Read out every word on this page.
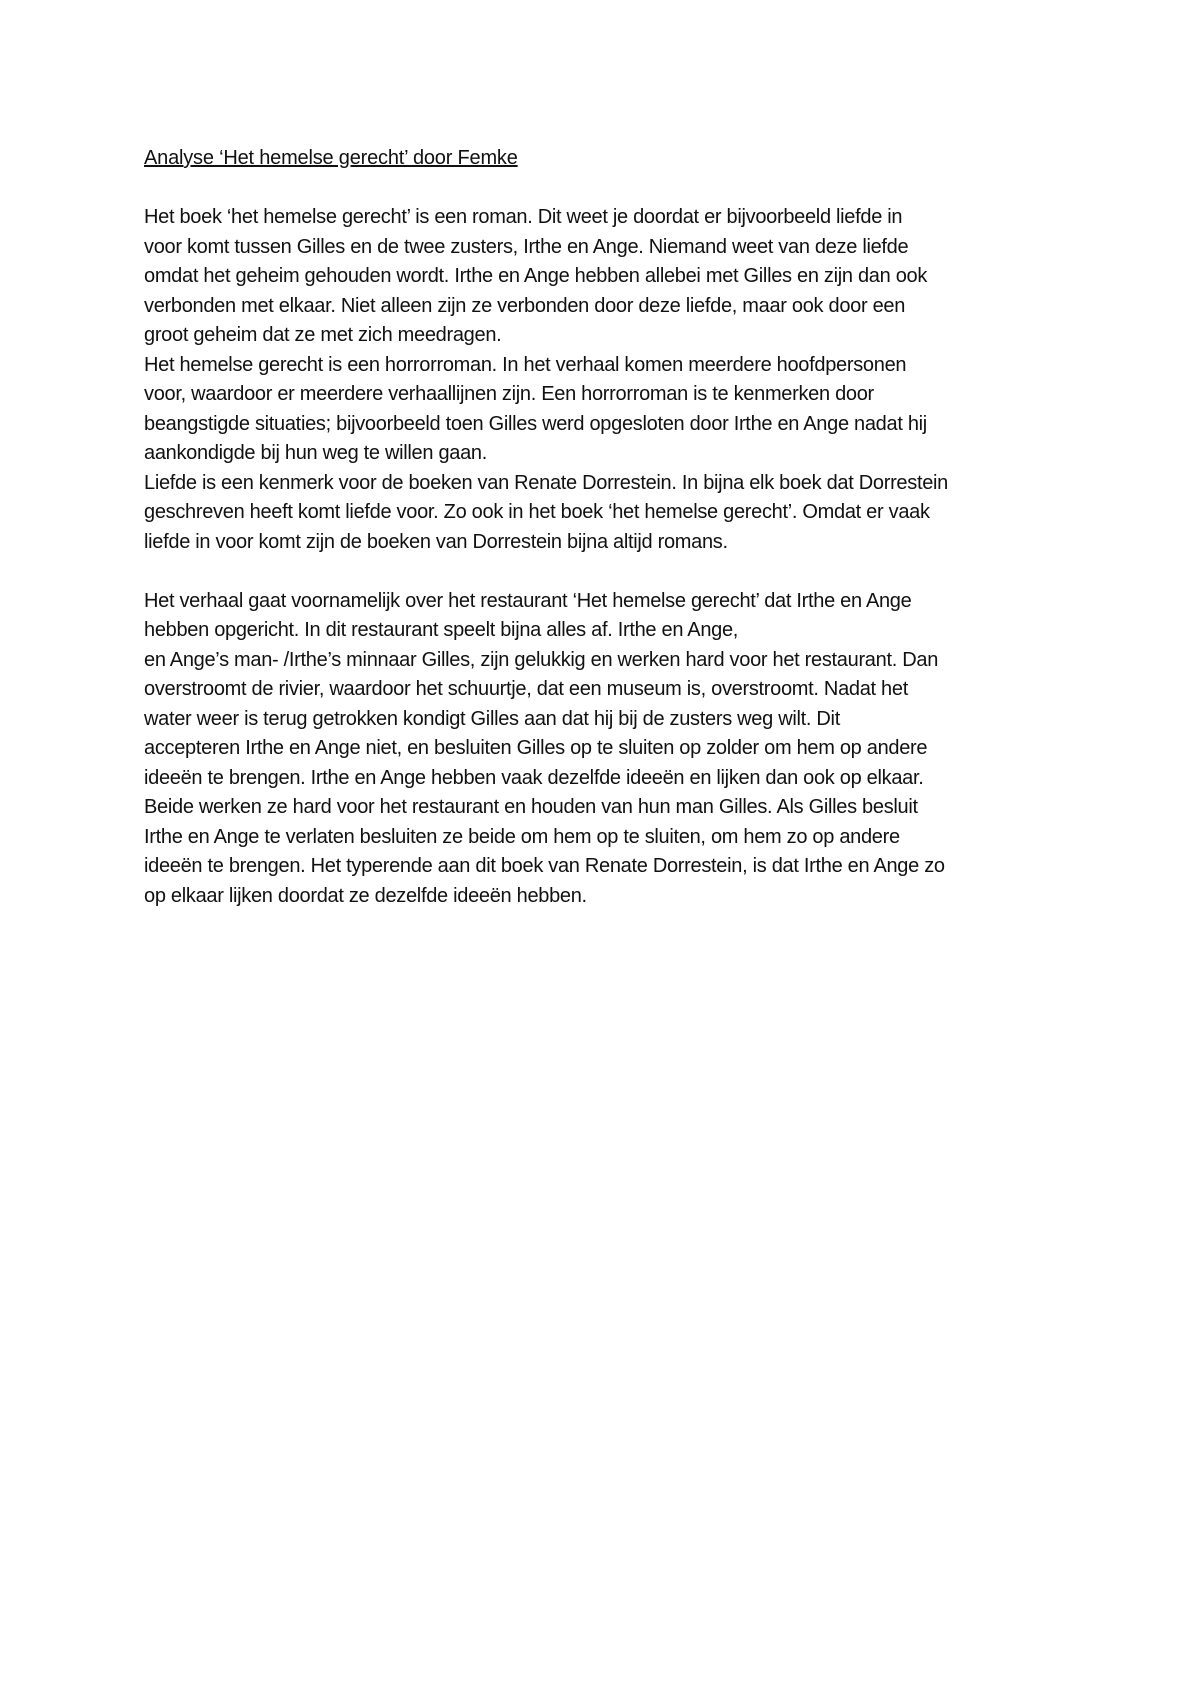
Analyse ‘Het hemelse gerecht’ door Femke
Het boek ‘het hemelse gerecht’ is een roman. Dit weet je doordat er bijvoorbeeld liefde in
voor komt tussen Gilles en de twee zusters, Irthe en Ange. Niemand weet van deze liefde
omdat het geheim gehouden wordt. Irthe en Ange hebben allebei met Gilles en zijn dan ook
verbonden met elkaar. Niet alleen zijn ze verbonden door deze liefde, maar ook door een
groot geheim dat ze met zich meedragen.
Het hemelse gerecht is een horrorroman. In het verhaal komen meerdere hoofdpersonen
voor, waardoor er meerdere verhaallijnen zijn. Een horrorroman is te kenmerken door
beangstigde situaties; bijvoorbeeld toen Gilles werd opgesloten door Irthe en Ange nadat hij
aankondigde bij hun weg te willen gaan.
Liefde is een kenmerk voor de boeken van Renate Dorrestein. In bijna elk boek dat Dorrestein
geschreven heeft komt liefde voor. Zo ook in het boek ‘het hemelse gerecht’. Omdat er vaak
liefde in voor komt zijn de boeken van Dorrestein bijna altijd romans.
Het verhaal gaat voornamelijk over het restaurant ‘Het hemelse gerecht’ dat Irthe en Ange
hebben opgericht. In dit restaurant speelt bijna alles af. Irthe en Ange,
en Ange’s man- /Irthe’s minnaar Gilles, zijn gelukkig en werken hard voor het restaurant. Dan
overstroomt de rivier, waardoor het schuurtje, dat een museum is, overstroomt. Nadat het
water weer is terug getrokken kondigt Gilles aan dat hij bij de zusters weg wilt. Dit
accepteren Irthe en Ange niet, en besluiten Gilles op te sluiten op zolder om hem op andere
ideeën te brengen. Irthe en Ange hebben vaak dezelfde ideeën en lijken dan ook op elkaar.
Beide werken ze hard voor het restaurant en houden van hun man Gilles. Als Gilles besluit
Irthe en Ange te verlaten besluiten ze beide om hem op te sluiten, om hem zo op andere
ideeën te brengen. Het typerende aan dit boek van Renate Dorrestein, is dat Irthe en Ange zo
op elkaar lijken doordat ze dezelfde ideeën hebben.
